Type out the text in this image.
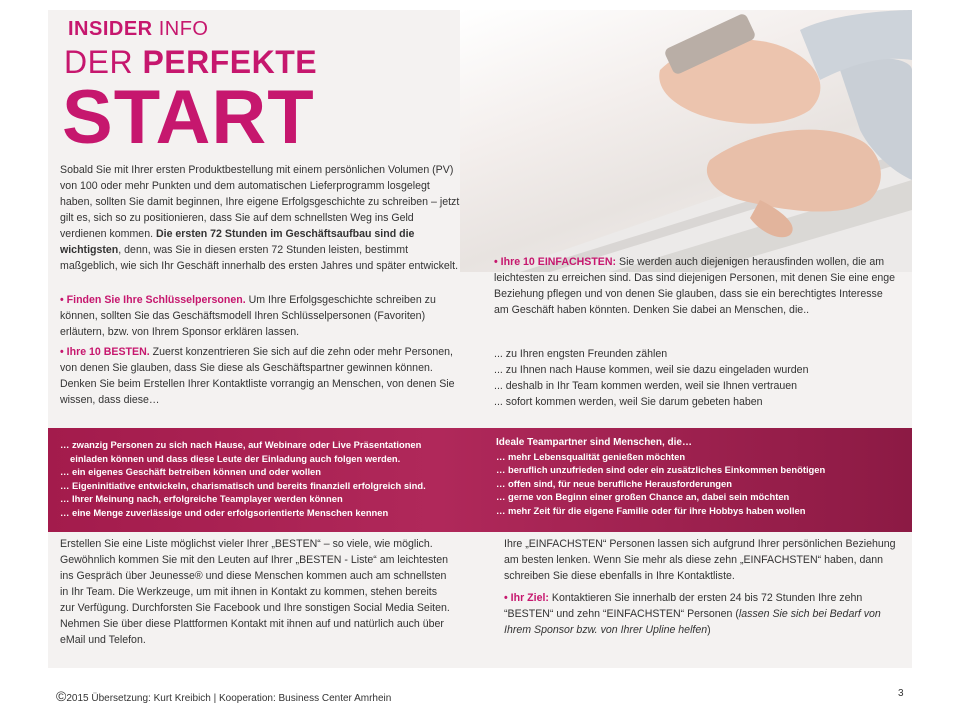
INSIDER INFO
DER PERFEKTE
START
Sobald Sie mit Ihrer ersten Produktbestellung mit einem persönlichen Volumen (PV) von 100 oder mehr Punkten und dem automatischen Lieferprogramm losgelegt haben, sollten Sie damit beginnen, Ihre eigene Erfolgsgeschichte zu schreiben – jetzt gilt es, sich so zu positionieren, dass Sie auf dem schnellsten Weg ins Geld verdienen kommen. Die ersten 72 Stunden im Geschäftsaufbau sind die wichtigsten, denn, was Sie in diesen ersten 72 Stunden leisten, bestimmt maßgeblich, wie sich Ihr Geschäft innerhalb des ersten Jahres und später entwickelt.
• Finden Sie Ihre Schlüsselpersonen. Um Ihre Erfolgsgeschichte schreiben zu können, sollten Sie das Geschäftsmodell Ihren Schlüsselpersonen (Favoriten) erläutern, bzw. von Ihrem Sponsor erklären lassen.
• Ihre 10 BESTEN. Zuerst konzentrieren Sie sich auf die zehn oder mehr Personen, von denen Sie glauben, dass Sie diese als Geschäftspartner gewinnen können. Denken Sie beim Erstellen Ihrer Kontaktliste vorrangig an Menschen, von denen Sie wissen, dass diese…
• Ihre 10 EINFACHSTEN: Sie werden auch diejenigen herausfinden wollen, die am leichtesten zu erreichen sind. Das sind diejenigen Personen, mit denen Sie eine enge Beziehung pflegen und von denen Sie glauben, dass sie ein berechtigtes Interesse am Geschäft haben könnten. Denken Sie dabei an Menschen, die..
... zu Ihren engsten Freunden zählen
... zu Ihnen nach Hause kommen, weil sie dazu eingeladen wurden
... deshalb in Ihr Team kommen werden, weil sie Ihnen vertrauen
... sofort kommen werden, weil Sie darum gebeten haben
… zwanzig Personen zu sich nach Hause, auf Webinare oder Live Präsentationen
einladen können und dass diese Leute der Einladung auch folgen werden.
… ein eigenes Geschäft betreiben können und oder wollen
… Eigeninitiative entwickeln, charismatisch und bereits finanziell erfolgreich sind.
… Ihrer Meinung nach, erfolgreiche Teamplayer werden können
… eine Menge zuverlässige und oder erfolgsorientierte Menschen kennen
Ideale Teampartner sind Menschen, die…
… mehr Lebensqualität genießen möchten
… beruflich unzufrieden sind oder ein zusätzliches Einkommen benötigen
… offen sind, für neue berufliche Herausforderungen
… gerne von Beginn einer großen Chance an, dabei sein möchten
… mehr Zeit für die eigene Familie oder für ihre Hobbys haben wollen
Erstellen Sie eine Liste möglichst vieler Ihrer „BESTEN“ – so viele, wie möglich. Gewöhnlich kommen Sie mit den Leuten auf Ihrer „BESTEN - Liste“ am leichtesten ins Gespräch über Jeunesse® und diese Menschen kommen auch am schnellsten in Ihr Team. Die Werkzeuge, um mit ihnen in Kontakt zu kommen, stehen bereits zur Verfügung. Durchforsten Sie Facebook und Ihre sonstigen Social Media Seiten. Nehmen Sie über diese Plattformen Kontakt mit ihnen auf und natürlich auch über eMail und Telefon.
Ihre „EINFACHSTEN“ Personen lassen sich aufgrund Ihrer persönlichen Beziehung am besten lenken. Wenn Sie mehr als diese zehn „EINFACHSTEN“ haben, dann schreiben Sie diese ebenfalls in Ihre Kontaktliste.
• Ihr Ziel: Kontaktieren Sie innerhalb der ersten 24 bis 72 Stunden Ihre zehn “BESTEN“ und zehn “EINFACHSTEN“ Personen (lassen Sie sich bei Bedarf von Ihrem Sponsor bzw. von Ihrer Upline helfen)
©2015 Übersetzung: Kurt Kreibich | Kooperation: Business Center Amrhein	3
